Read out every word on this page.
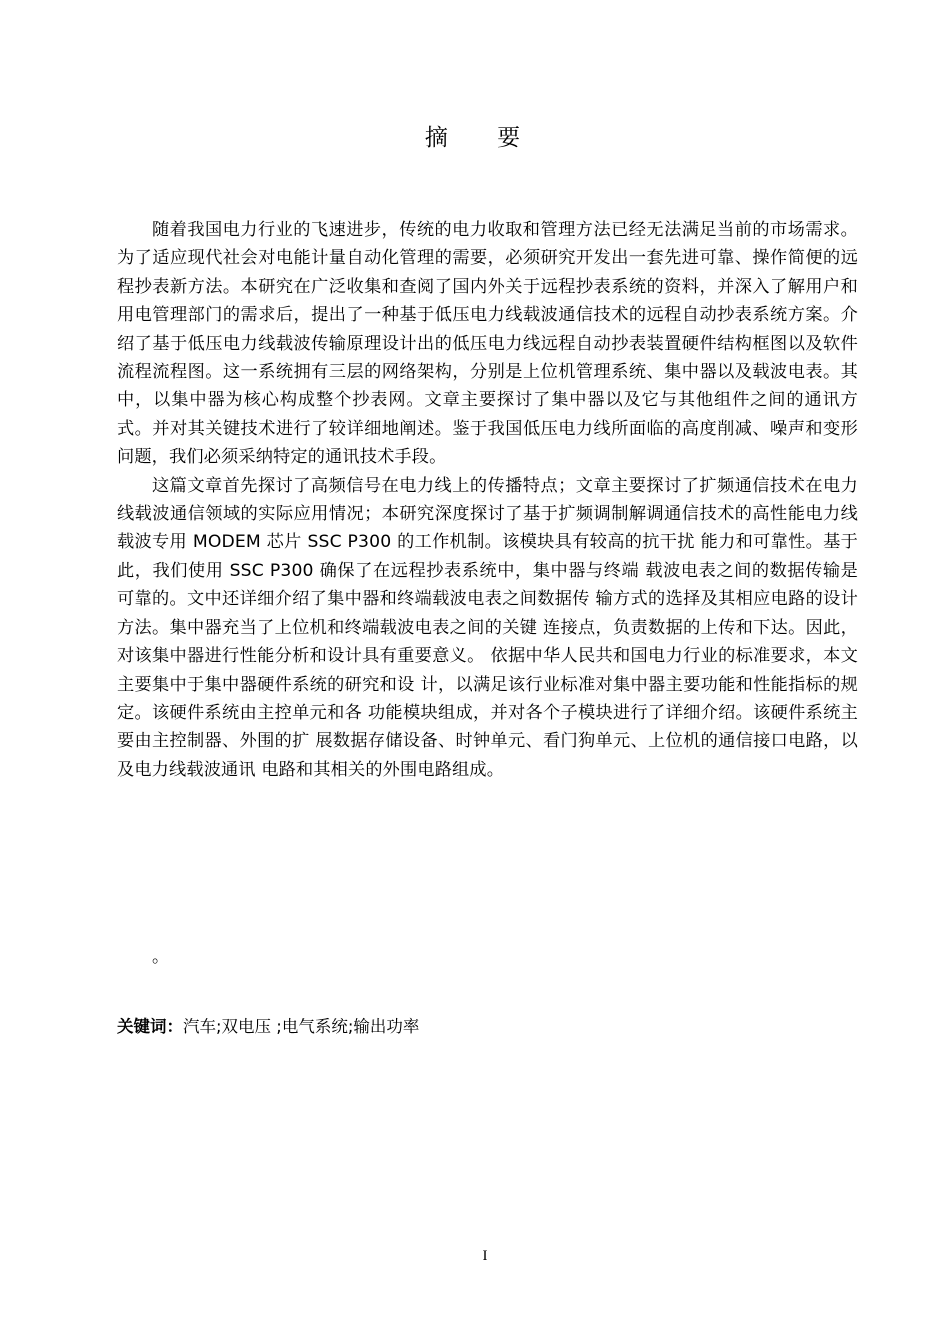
摘 要

随着我国电力行业的飞速进步，传统的电力收取和管理方法已经无法满足当前的市场需求。为了适应现代社会对电能计量自动化管理的需要，必须研究开发出一套先进可靠、操作简便的远程抄表新方法。本研究在广泛收集和查阅了国内外关于远程抄表系统的资料，并深入了解用户和用电管理部门的需求后，提出了一种基于低压电力线载波通信技术的远程自动抄表系统方案。介绍了基于低压电力线载波传输原理设计出的低压电力线远程自动抄表装置硬件结构框图以及软件流程流程图。这一系统拥有三层的网络架构，分别是上位机管理系统、集中器以及载波电表。其中，以集中器为核心构成整个抄表网。文章主要探讨了集中器以及它与其他组件之间的通讯方式。并对其关键技术进行了较详细地阐述。鉴于我国低压电力线所面临的高度削减、噪声和变形问题，我们必须采纳特定的通讯技术手段。

这篇文章首先探讨了高频信号在电力线上的传播特点；文章主要探讨了扩频通信技术在电力线载波通信领域的实际应用情况；本研究深度探讨了基于扩频调制解调通信技术的高性能电力线载波专用 MODEM 芯片 SSC P300 的工作机制。该模块具有较高的抗干扰 能力和可靠性。基于此，我们使用 SSC P300 确保了在远程抄表系统中，集中器与终端 载波电表之间的数据传输是可靠的。文中还详细介绍了集中器和终端载波电表之间数据传 输方式的选择及其相应电路的设计方法。集中器充当了上位机和终端载波电表之间的关键 连接点，负责数据的上传和下达。因此，对该集中器进行性能分析和设计具有重要意义。 依据中华人民共和国电力行业的标准要求，本文主要集中于集中器硬件系统的研究和设 计，以满足该行业标准对集中器主要功能和性能指标的规定。该硬件系统由主控单元和各 功能模块组成，并对各个子模块进行了详细介绍。该硬件系统主要由主控制器、外围的扩 展数据存储设备、时钟单元、看门狗单元、上位机的通信接口电路，以及电力线载波通讯 电路和其相关的外围电路组成。

。
关键词：汽车;双电压 ;电气系统;输出功率
I
